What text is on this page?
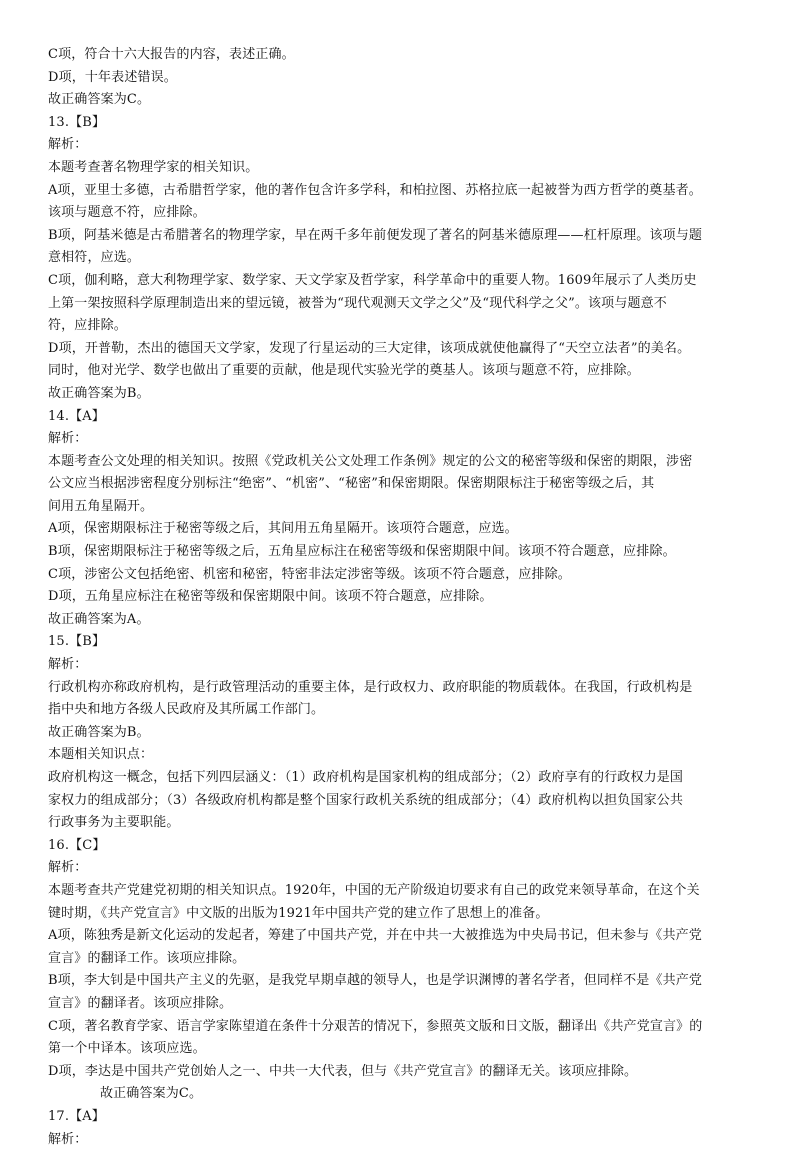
C项，符合十六大报告的内容，表述正确。
D项，十年表述错误。
故正确答案为C。
13.【B】
解析：
本题考查著名物理学家的相关知识。
A项，亚里士多德，古希腊哲学家，他的著作包含许多学科，和柏拉图、苏格拉底一起被誉为西方哲学的奠基者。
该项与题意不符，应排除。
B项，阿基米德是古希腊著名的物理学家，早在两千多年前便发现了著名的阿基米德原理——杠杆原理。该项与题
意相符，应选。
C项，伽利略，意大利物理学家、数学家、天文学家及哲学家，科学革命中的重要人物。1609年展示了人类历史
上第一架按照科学原理制造出来的望远镜，被誉为“现代观测天文学之父”及“现代科学之父”。该项与题意不
符，应排除。
D项，开普勒，杰出的德国天文学家，发现了行星运动的三大定律，该项成就使他赢得了“天空立法者”的美名。
同时，他对光学、数学也做出了重要的贡献，他是现代实验光学的奠基人。该项与题意不符，应排除。
故正确答案为B。
14.【A】
解析：
本题考查公文处理的相关知识。按照《党政机关公文处理工作条例》规定的公文的秘密等级和保密的期限，涉密
公文应当根据涉密程度分别标注“绝密”、“机密”、“秘密”和保密期限。保密期限标注于秘密等级之后，其
间用五角星隔开。
A项，保密期限标注于秘密等级之后，其间用五角星隔开。该项符合题意，应选。
B项，保密期限标注于秘密等级之后，五角星应标注在秘密等级和保密期限中间。该项不符合题意，应排除。
C项，涉密公文包括绝密、机密和秘密，特密非法定涉密等级。该项不符合题意，应排除。
D项，五角星应标注在秘密等级和保密期限中间。该项不符合题意，应排除。
故正确答案为A。
15.【B】
解析：
行政机构亦称政府机构，是行政管理活动的重要主体，是行政权力、政府职能的物质载体。在我国，行政机构是
指中央和地方各级人民政府及其所属工作部门。
故正确答案为B。
本题相关知识点：
政府机构这一概念，包括下列四层涵义：（1）政府机构是国家机构的组成部分；（2）政府享有的行政权力是国
家权力的组成部分；（3）各级政府机构都是整个国家行政机关系统的组成部分；（4）政府机构以担负国家公共
行政事务为主要职能。
16.【C】
解析：
本题考查共产党建党初期的相关知识点。1920年，中国的无产阶级迫切要求有自己的政党来领导革命，在这个关
键时期，《共产党宣言》中文版的出版为1921年中国共产党的建立作了思想上的准备。
A项，陈独秀是新文化运动的发起者，筹建了中国共产党，并在中共一大被推选为中央局书记，但未参与《共产党
宣言》的翻译工作。该项应排除。
B项，李大钊是中国共产主义的先驱，是我党早期卓越的领导人，也是学识渊博的著名学者，但同样不是《共产党
宣言》的翻译者。该项应排除。
C项，著名教育学家、语言学家陈望道在条件十分艰苦的情况下，参照英文版和日文版，翻译出《共产党宣言》的
第一个中译本。该项应选。
D项，李达是中国共产党创始人之一、中共一大代表，但与《共产党宣言》的翻译无关。该项应排除。
故正确答案为C。
17.【A】
解析：
